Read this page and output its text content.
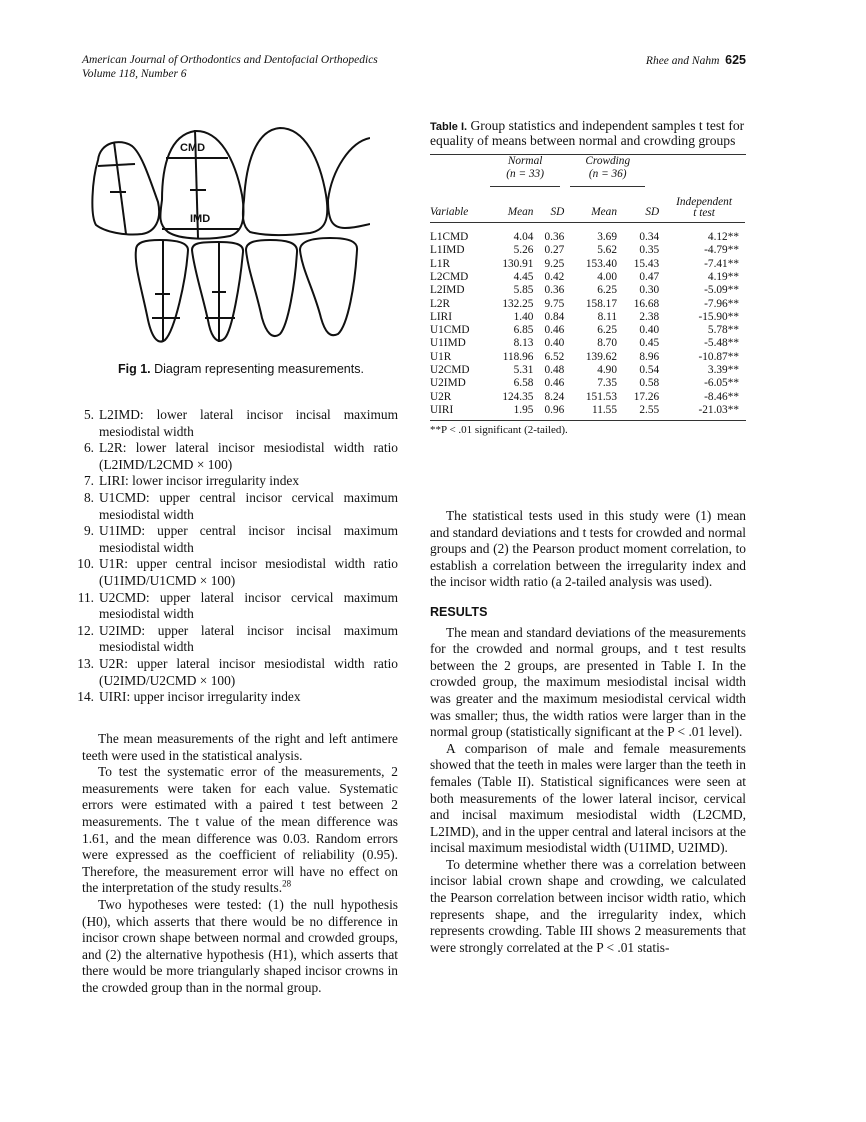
American Journal of Orthodontics and Dentofacial Orthopedics
Volume 118, Number 6
Rhee and Nahm 625
CMD
IMD
Fig 1. Diagram representing measurements.
5. L2IMD: lower lateral incisor incisal maximum mesiodistal width
6. L2R: lower lateral incisor mesiodistal width ratio (L2IMD/L2CMD × 100)
7. LIRI: lower incisor irregularity index
8. U1CMD: upper central incisor cervical maximum mesiodistal width
9. U1IMD: upper central incisor incisal maximum mesiodistal width
10. U1R: upper central incisor mesiodistal width ratio (U1IMD/U1CMD × 100)
11. U2CMD: upper lateral incisor cervical maximum mesiodistal width
12. U2IMD: upper lateral incisor incisal maximum mesiodistal width
13. U2R: upper lateral incisor mesiodistal width ratio (U2IMD/U2CMD × 100)
14. UIRI: upper incisor irregularity index

The mean measurements of the right and left antimere teeth were used in the statistical analysis.

To test the systematic error of the measurements, 2 measurements were taken for each value. Systematic errors were estimated with a paired t test between 2 measurements. The t value of the mean difference was 1.61, and the mean difference was 0.03. Random errors were expressed as the coefficient of reliability (0.95). Therefore, the measurement error will have no effect on the interpretation of the study results.$^{28}$

Two hypotheses were tested: (1) the null hypothesis (H0), which asserts that there would be no difference in incisor crown shape between normal and crowded groups, and (2) the alternative hypothesis (H1), which asserts that there would be more triangularly shaped incisor crowns in the crowded group than in the normal group.

Table I. Group statistics and independent samples t test for equality of means between normal and crowding groups

	Normal
(n = 33)		Crowding
(n = 36)		

Variable	Mean	SD	Mean	SD	Independent
t test
L1CMD	4.04	0.36	3.69	0.34	4.12**
L1IMD	5.26	0.27	5.62	0.35	-4.79**
L1R	130.91	9.25	153.40	15.43	-7.41**
L2CMD	4.45	0.42	4.00	0.47	4.19**
L2IMD	5.85	0.36	6.25	0.30	-5.09**
L2R	132.25	9.75	158.17	16.68	-7.96**
LIRI	1.40	0.84	8.11	2.38	-15.90**
U1CMD	6.85	0.46	6.25	0.40	5.78**
U1IMD	8.13	0.40	8.70	0.45	-5.48**
U1R	118.96	6.52	139.62	8.96	-10.87**
U2CMD	5.31	0.48	4.90	0.54	3.39**
U2IMD	6.58	0.46	7.35	0.58	-6.05**
U2R	124.35	8.24	151.53	17.26	-8.46**
UIRI	1.95	0.96	11.55	2.55	-21.03**
**P < .01 significant (2-tailed).

The statistical tests used in this study were (1) mean and standard deviations and t tests for crowded and normal groups and (2) the Pearson product moment correlation, to establish a correlation between the irregularity index and the incisor width ratio (a 2-tailed analysis was used).

RESULTS

The mean and standard deviations of the measurements for the crowded and normal groups, and t test results between the 2 groups, are presented in Table I. In the crowded group, the maximum mesiodistal incisal width was greater and the maximum mesiodistal cervical width was smaller; thus, the width ratios were larger than in the normal group (statistically significant at the P < .01 level).

A comparison of male and female measurements showed that the teeth in males were larger than the teeth in females (Table II). Statistical significances were seen at both measurements of the lower lateral incisor, cervical and incisal maximum mesiodistal width (L2CMD, L2IMD), and in the upper central and lateral incisors at the incisal maximum mesiodistal width (U1IMD, U2IMD).

To determine whether there was a correlation between incisor labial crown shape and crowding, we calculated the Pearson correlation between incisor width ratio, which represents shape, and the irregularity index, which represents crowding. Table III shows 2 measurements that were strongly correlated at the P < .01 statis-
